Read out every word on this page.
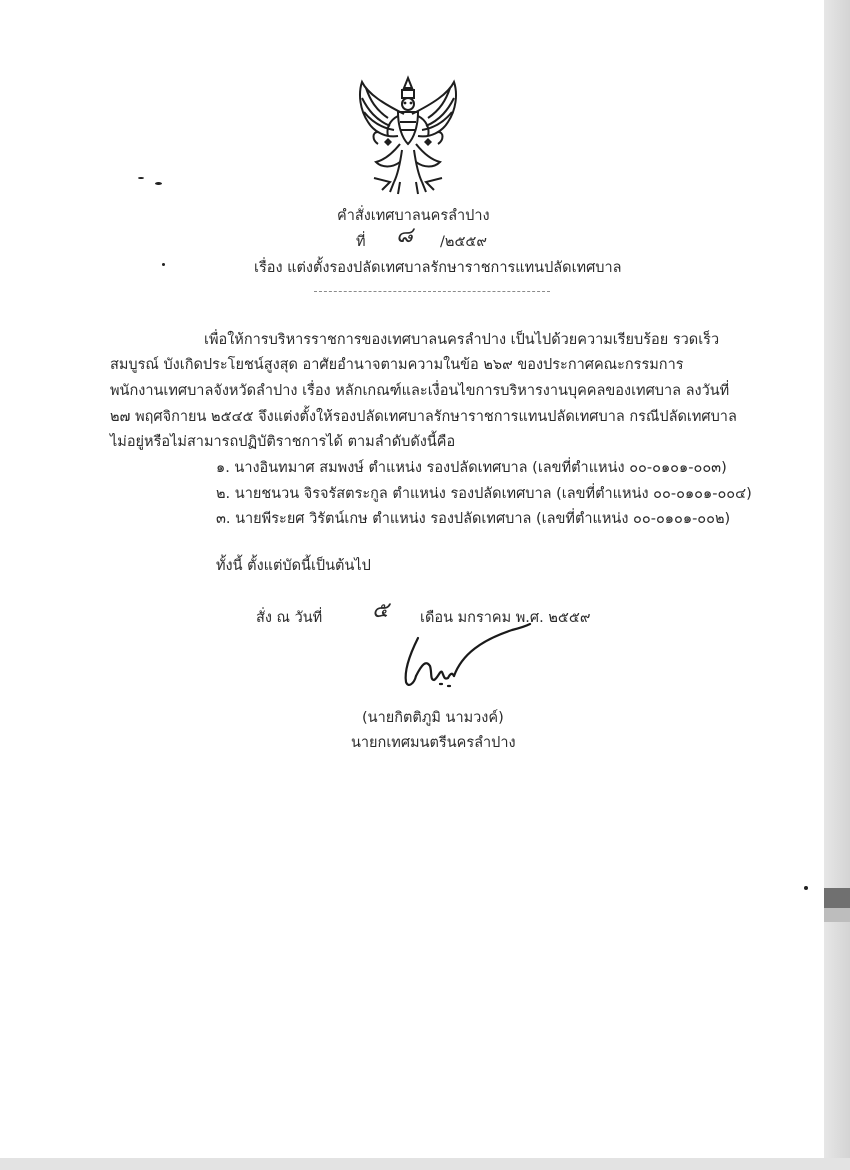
คำสั่งเทศบาลนครลำปาง
ที่ ๘ /๒๕๕๙
เรื่อง แต่งตั้งรองปลัดเทศบาลรักษาราชการแทนปลัดเทศบาล
เพื่อให้การบริหารราชการของเทศบาลนครลำปาง เป็นไปด้วยความเรียบร้อย รวดเร็ว
สมบูรณ์ บังเกิดประโยชน์สูงสุด อาศัยอำนาจตามความในข้อ ๒๖๙ ของประกาศคณะกรรมการ
พนักงานเทศบาลจังหวัดลำปาง เรื่อง หลักเกณฑ์และเงื่อนไขการบริหารงานบุคคลของเทศบาล ลงวันที่
๒๗ พฤศจิกายน ๒๕๔๕ จึงแต่งตั้งให้รองปลัดเทศบาลรักษาราชการแทนปลัดเทศบาล กรณีปลัดเทศบาล
ไม่อยู่หรือไม่สามารถปฏิบัติราชการได้ ตามลำดับดังนี้คือ
๑. นางอินทมาศ สมพงษ์ ตำแหน่ง รองปลัดเทศบาล (เลขที่ตำแหน่ง ๐๐-๐๑๐๑-๐๐๓)
๒. นายชนวน จิรจรัสตระกูล ตำแหน่ง รองปลัดเทศบาล (เลขที่ตำแหน่ง ๐๐-๐๑๐๑-๐๐๔)
๓. นายพีระยศ วิรัตน์เกษ ตำแหน่ง รองปลัดเทศบาล (เลขที่ตำแหน่ง ๐๐-๐๑๐๑-๐๐๒)
ทั้งนี้ ตั้งแต่บัดนี้เป็นต้นไป
สั่ง ณ วันที่ ๕ เดือน มกราคม พ.ศ. ๒๕๕๙
(นายกิตติภูมิ นามวงค์)
นายกเทศมนตรีนครลำปาง
